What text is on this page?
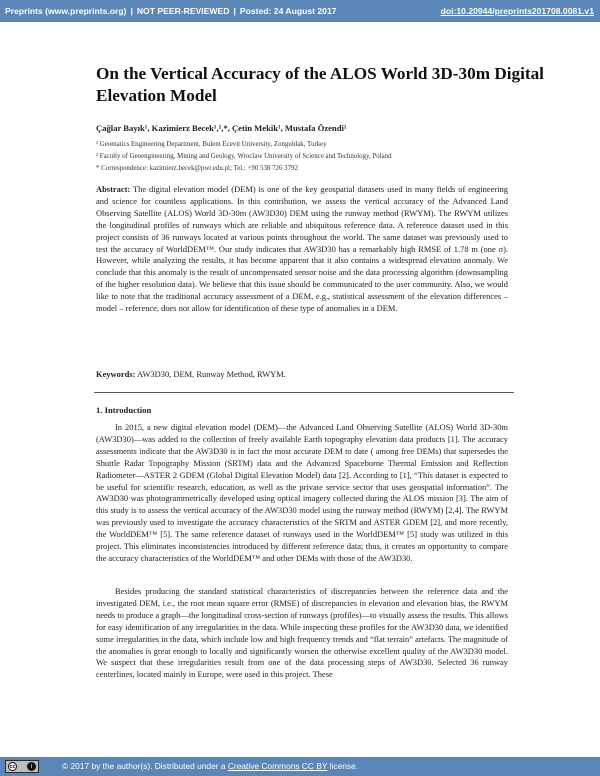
Preprints (www.preprints.org) | NOT PEER-REVIEWED | Posted: 24 August 2017	doi:10.20944/preprints201708.0081.v1
On the Vertical Accuracy of the ALOS World 3D-30m Digital Elevation Model
Çağlar Bayık¹, Kazimierz Becek¹,²,*, Çetin Mekik¹, Mustafa Özendi¹
¹ Geomatics Engineering Department, Bulent Ecevit University, Zonguldak, Turkey
² Faculty of Geoengineering, Mining and Geology, Wroclaw University of Science and Technology, Poland
* Correspondence: kazimierz.becek@pwr.edu.pl; Tel.: +90 538 726 3792
Abstract: The digital elevation model (DEM) is one of the key geospatial datasets used in many fields of engineering and science for countless applications. In this contribution, we assess the vertical accuracy of the Advanced Land Observing Satellite (ALOS) World 3D-30m (AW3D30) DEM using the runway method (RWYM). The RWYM utilizes the longitudinal profiles of runways which are reliable and ubiquitous reference data. A reference dataset used in this project consists of 36 runways located at various points throughout the world. The same dataset was previously used to test the accuracy of WorldDEM™. Our study indicates that AW3D30 has a remarkably high RMSE of 1.78 m (one σ). However, while analyzing the results, it has become apparent that it also contains a widespread elevation anomaly. We conclude that this anomaly is the result of uncompensated sensor noise and the data processing algorithm (downsampling of the higher resolution data). We believe that this issue should be communicated to the user community. Also, we would like to note that the traditional accuracy assessment of a DEM, e.g., statistical assessment of the elevation differences – model – reference, does not allow for identification of these type of anomalies in a DEM.
Keywords: AW3D30, DEM, Runway Method, RWYM.
1. Introduction

In 2015, a new digital elevation model (DEM)—the Advanced Land Observing Satellite (ALOS) World 3D-30m (AW3D30)—was added to the collection of freely available Earth topography elevation data products [1]. The accuracy assessments indicate that the AW3D30 is in fact the most accurate DEM to date ( among free DEMs) that supersedes the Shuttle Radar Topography Mission (SRTM) data and the Advanced Spaceborne Thermal Emission and Reflection Radiometer—ASTER 2 GDEM (Global Digital Elevation Model) data [2]. According to [1], “This dataset is expected to be useful for scientific research, education, as well as the private service sector that uses geospatial information”. The AW3D30 was photogrammetrically developed using optical imagery collected during the ALOS mission [3]. The aim of this study is to assess the vertical accuracy of the AW3D30 model using the runway method (RWYM) [2,4]. The RWYM was previously used to investigate the accuracy characteristics of the SRTM and ASTER GDEM [2], and more recently, the WorldDEM™ [5]. The same reference dataset of runways used in the WorldDEM™ [5] study was utilized in this project. This eliminates inconsistencies introduced by different reference data; thus, it creates an opportunity to compare the accuracy characteristics of the WorldDEM™ and other DEMs with those of the AW3D30.

Besides producing the standard statistical characteristics of discrepancies between the reference data and the investigated DEM, i.e., the root mean square error (RMSE) of discrepancies in elevation and elevation bias, the RWYM needs to produce a graph—the longitudinal cross-section of runways (profiles)—to visually assess the results. This allows for easy identification of any irregularities in the data. While inspecting these profiles for the AW3D30 data, we identified some irregularities in the data, which include low and high frequency trends and “flat terrain” artefacts. The magnitude of the anomalies is great enough to locally and significantly worsen the otherwise excellent quality of the AW3D30 model. We suspect that these irregularities result from one of the data processing steps of AW3D30. Selected 36 runway centerlines, located mainly in Europe, were used in this project. These

cc	i	© 2017 by the author(s). Distributed under a Creative Commons CC BY license.
